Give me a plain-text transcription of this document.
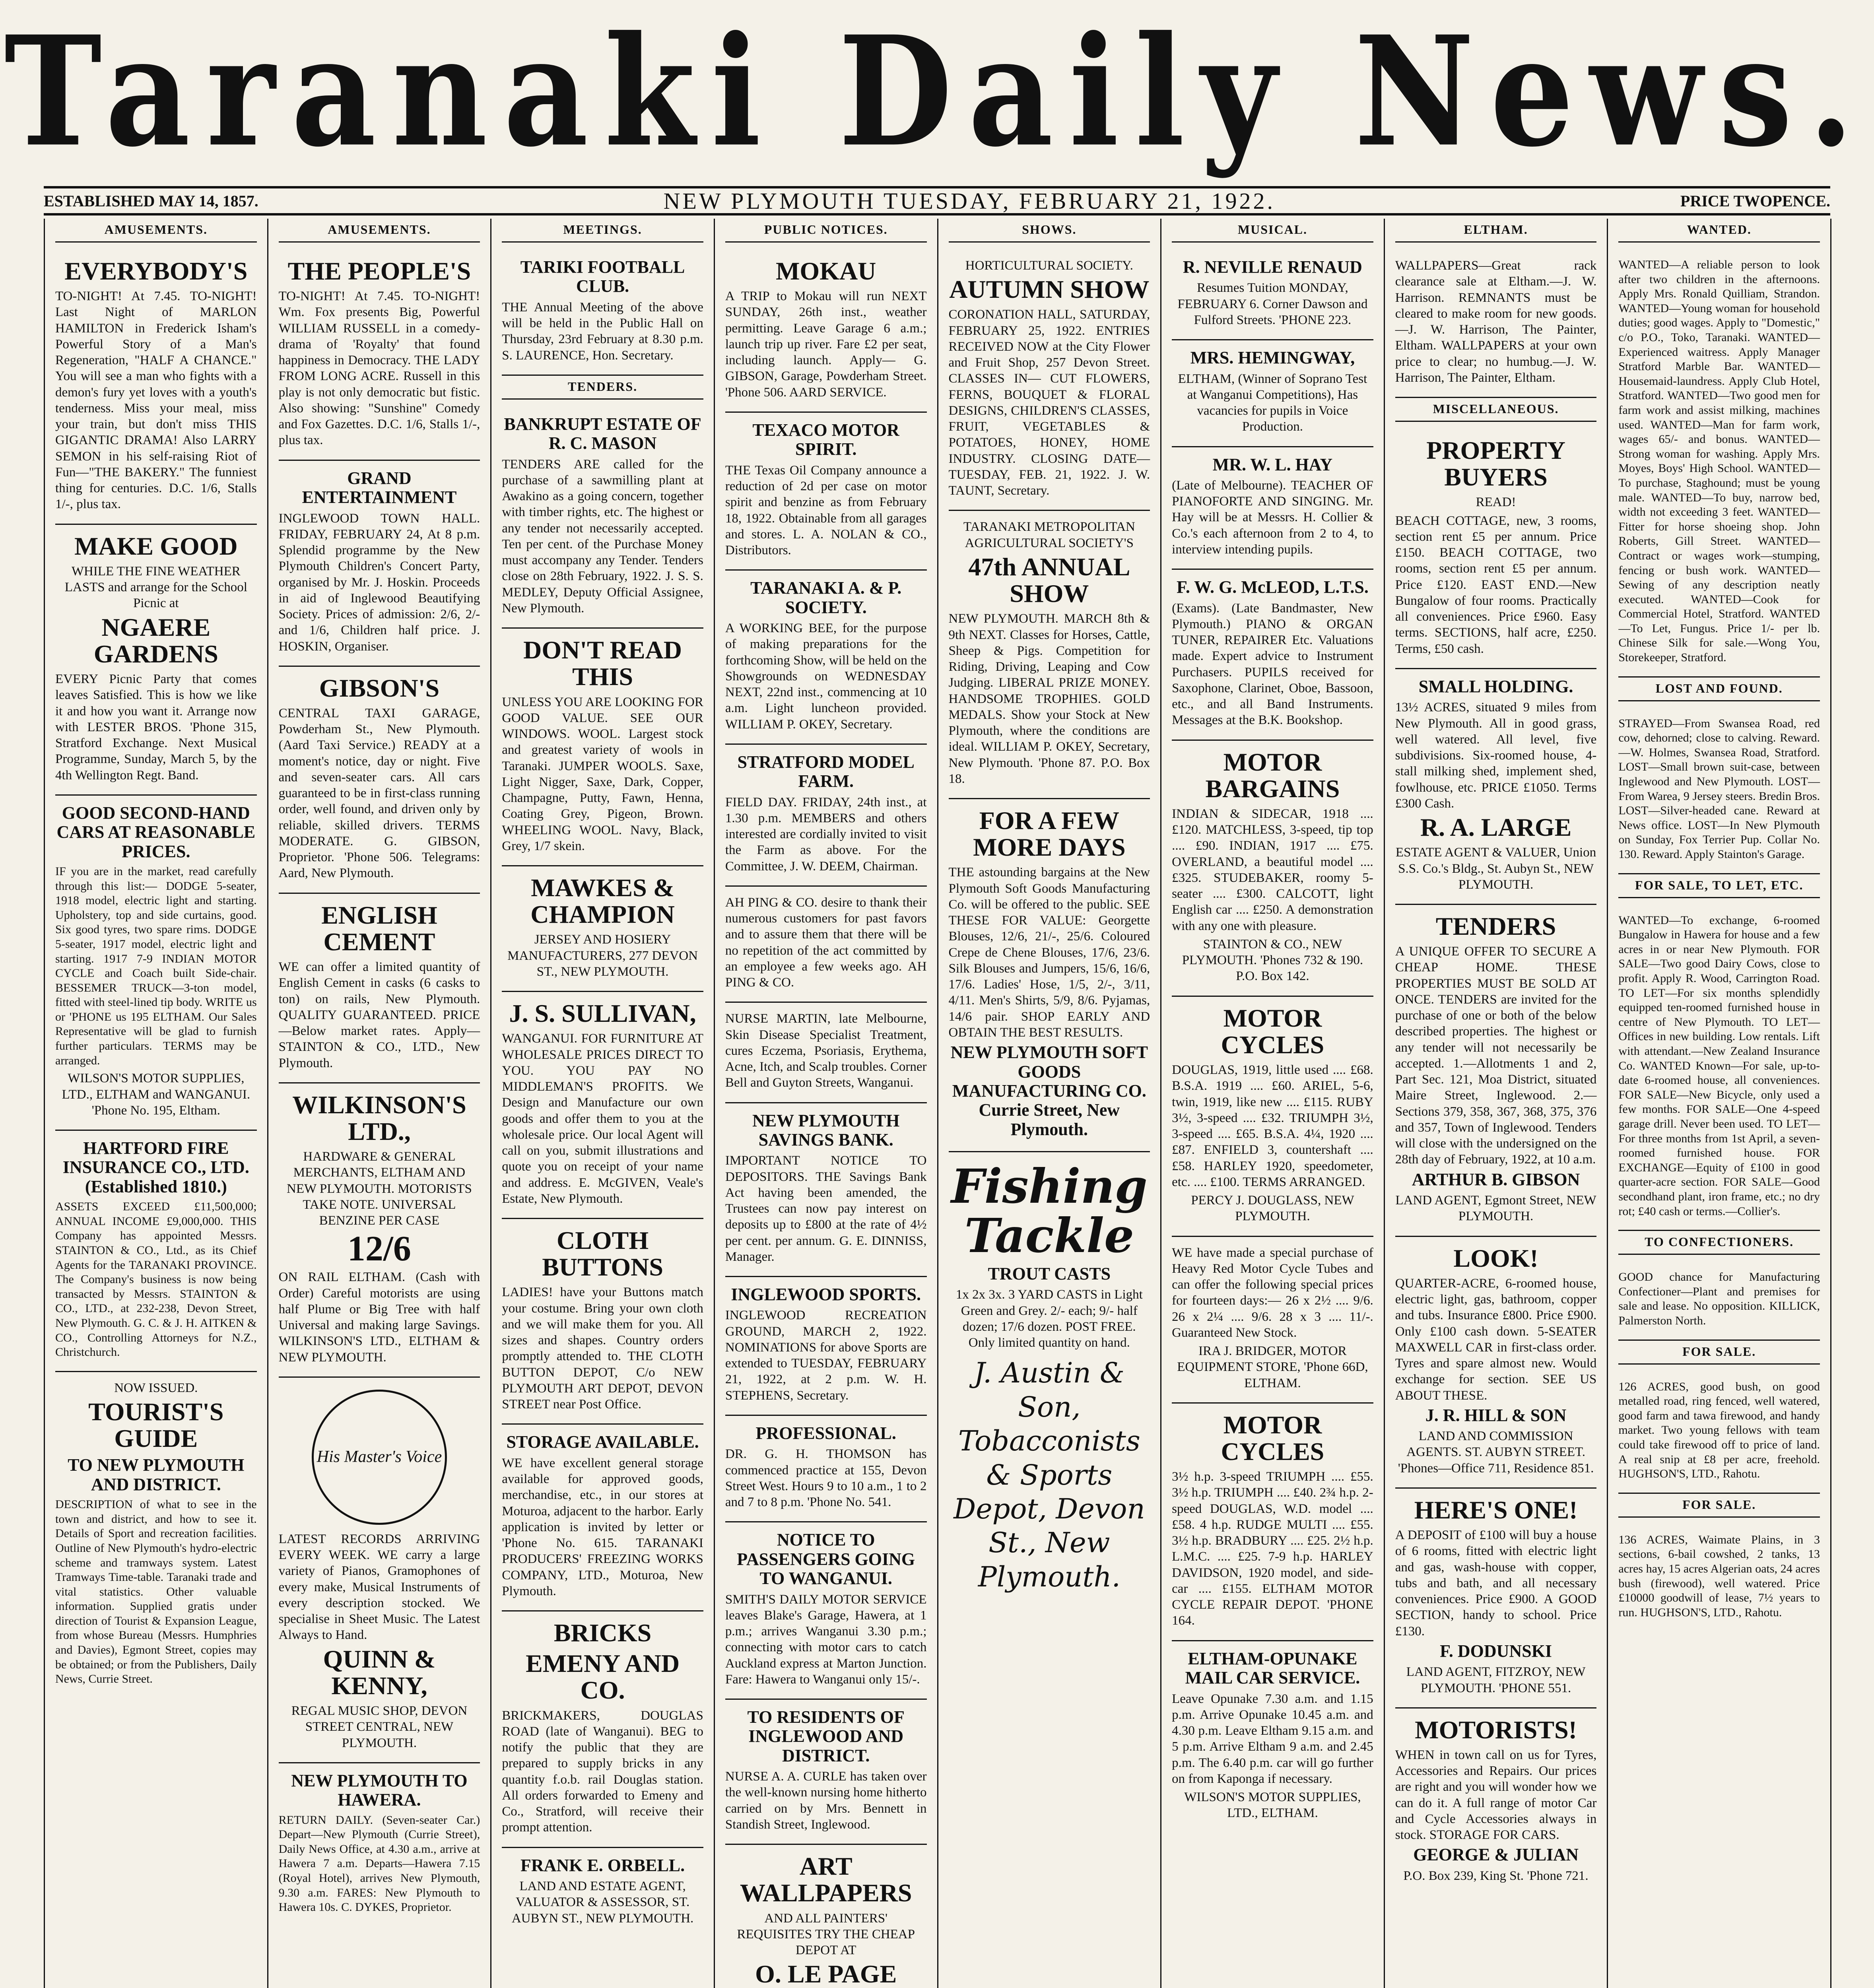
Taranaki Daily News.
ESTABLISHED MAY 14, 1857.	NEW PLYMOUTH TUESDAY, FEBRUARY 21, 1922.	PRICE TWOPENCE.
AMUSEMENTS.
EVERYBODY'S

TO-NIGHT! At 7.45. TO-NIGHT! Last Night of MARLON HAMILTON in Frederick Isham's Powerful Story of a Man's Regeneration, "HALF A CHANCE." You will see a man who fights with a demon's fury yet loves with a youth's tenderness. Miss your meal, miss your train, but don't miss THIS GIGANTIC DRAMA! Also LARRY SEMON in his self-raising Riot of Fun—"THE BAKERY." The funniest thing for centuries. D.C. 1/6, Stalls 1/-, plus tax.

MAKE GOOD

WHILE THE FINE WEATHER LASTS and arrange for the School Picnic at

NGAERE GARDENS

EVERY Picnic Party that comes leaves Satisfied. This is how we like it and how you want it. Arrange now with LESTER BROS. 'Phone 315, Stratford Exchange. Next Musical Programme, Sunday, March 5, by the 4th Wellington Regt. Band.

GOOD SECOND-HAND CARS AT REASONABLE PRICES.

IF you are in the market, read carefully through this list:— DODGE 5-seater, 1918 model, electric light and starting. Upholstery, top and side curtains, good. Six good tyres, two spare rims. DODGE 5-seater, 1917 model, electric light and starting. 1917 7-9 INDIAN MOTOR CYCLE and Coach built Side-chair. BESSEMER TRUCK—3-ton model, fitted with steel-lined tip body. WRITE us or 'PHONE us 195 ELTHAM. Our Sales Representative will be glad to furnish further particulars. TERMS may be arranged.

WILSON'S MOTOR SUPPLIES, LTD., ELTHAM and WANGANUI. 'Phone No. 195, Eltham.

HARTFORD FIRE INSURANCE CO., LTD. (Established 1810.)

ASSETS EXCEED £11,500,000; ANNUAL INCOME £9,000,000. THIS Company has appointed Messrs. STAINTON & CO., Ltd., as its Chief Agents for the TARANAKI PROVINCE. The Company's business is now being transacted by Messrs. STAINTON & CO., LTD., at 232-238, Devon Street, New Plymouth. G. C. & J. H. AITKEN & CO., Controlling Attorneys for N.Z., Christchurch.

NOW ISSUED.

TOURIST'S GUIDE
TO NEW PLYMOUTH AND DISTRICT.

DESCRIPTION of what to see in the town and district, and how to see it. Details of Sport and recreation facilities. Outline of New Plymouth's hydro-electric scheme and tramways system. Latest Tramways Time-table. Taranaki trade and vital statistics. Other valuable information. Supplied gratis under direction of Tourist & Expansion League, from whose Bureau (Messrs. Humphries and Davies), Egmont Street, copies may be obtained; or from the Publishers, Daily News, Currie Street.

AMUSEMENTS.
THE PEOPLE'S

TO-NIGHT! At 7.45. TO-NIGHT! Wm. Fox presents Big, Powerful WILLIAM RUSSELL in a comedy-drama of 'Royalty' that found happiness in Democracy. THE LADY FROM LONG ACRE. Russell in this play is not only democratic but fistic. Also showing: "Sunshine" Comedy and Fox Gazettes. D.C. 1/6, Stalls 1/-, plus tax.

GRAND ENTERTAINMENT

INGLEWOOD TOWN HALL. FRIDAY, FEBRUARY 24, At 8 p.m. Splendid programme by the New Plymouth Children's Concert Party, organised by Mr. J. Hoskin. Proceeds in aid of Inglewood Beautifying Society. Prices of admission: 2/6, 2/- and 1/6, Children half price. J. HOSKIN, Organiser.

GIBSON'S

CENTRAL TAXI GARAGE, Powderham St., New Plymouth. (Aard Taxi Service.) READY at a moment's notice, day or night. Five and seven-seater cars. All cars guaranteed to be in first-class running order, well found, and driven only by reliable, skilled drivers. TERMS MODERATE. G. GIBSON, Proprietor. 'Phone 506. Telegrams: Aard, New Plymouth.

ENGLISH CEMENT

WE can offer a limited quantity of English Cement in casks (6 casks to ton) on rails, New Plymouth. QUALITY GUARANTEED. PRICE—Below market rates. Apply—STAINTON & CO., LTD., New Plymouth.

WILKINSON'S LTD.,

HARDWARE & GENERAL MERCHANTS, ELTHAM AND NEW PLYMOUTH. MOTORISTS TAKE NOTE. UNIVERSAL BENZINE PER CASE

12/6

ON RAIL ELTHAM. (Cash with Order) Careful motorists are using half Plume or Big Tree with half Universal and making large Savings. WILKINSON'S LTD., ELTHAM & NEW PLYMOUTH.

His Master's Voice

LATEST RECORDS ARRIVING EVERY WEEK. WE carry a large variety of Pianos, Gramophones of every make, Musical Instruments of every description stocked. We specialise in Sheet Music. The Latest Always to Hand.

QUINN & KENNY,

REGAL MUSIC SHOP, DEVON STREET CENTRAL, NEW PLYMOUTH.

NEW PLYMOUTH TO HAWERA.

RETURN DAILY. (Seven-seater Car.) Depart—New Plymouth (Currie Street), Daily News Office, at 4.30 a.m., arrive at Hawera 7 a.m. Departs—Hawera 7.15 (Royal Hotel), arrives New Plymouth, 9.30 a.m. FARES: New Plymouth to Hawera 10s. C. DYKES, Proprietor.

MEETINGS.
TARIKI FOOTBALL CLUB.

THE Annual Meeting of the above will be held in the Public Hall on Thursday, 23rd February at 8.30 p.m. S. LAURENCE, Hon. Secretary.

TENDERS.
BANKRUPT ESTATE OF R. C. MASON

TENDERS ARE called for the purchase of a sawmilling plant at Awakino as a going concern, together with timber rights, etc. The highest or any tender not necessarily accepted. Ten per cent. of the Purchase Money must accompany any Tender. Tenders close on 28th February, 1922. J. S. S. MEDLEY, Deputy Official Assignee, New Plymouth.

DON'T READ THIS

UNLESS YOU ARE LOOKING FOR GOOD VALUE. SEE OUR WINDOWS. WOOL. Largest stock and greatest variety of wools in Taranaki. JUMPER WOOLS. Saxe, Light Nigger, Saxe, Dark, Copper, Champagne, Putty, Fawn, Henna, Coating Grey, Pigeon, Brown. WHEELING WOOL. Navy, Black, Grey, 1/7 skein.

MAWKES & CHAMPION

JERSEY AND HOSIERY MANUFACTURERS, 277 DEVON ST., NEW PLYMOUTH.

J. S. SULLIVAN,

WANGANUI. FOR FURNITURE AT WHOLESALE PRICES DIRECT TO YOU. YOU PAY NO MIDDLEMAN'S PROFITS. We Design and Manufacture our own goods and offer them to you at the wholesale price. Our local Agent will call on you, submit illustrations and quote you on receipt of your name and address. E. McGIVEN, Veale's Estate, New Plymouth.

CLOTH BUTTONS

LADIES! have your Buttons match your costume. Bring your own cloth and we will make them for you. All sizes and shapes. Country orders promptly attended to. THE CLOTH BUTTON DEPOT, C/o NEW PLYMOUTH ART DEPOT, DEVON STREET near Post Office.

STORAGE AVAILABLE.

WE have excellent general storage available for approved goods, merchandise, etc., in our stores at Moturoa, adjacent to the harbor. Early application is invited by letter or 'Phone No. 615. TARANAKI PRODUCERS' FREEZING WORKS COMPANY, LTD., Moturoa, New Plymouth.

BRICKS
EMENY AND CO.

BRICKMAKERS, DOUGLAS ROAD (late of Wanganui). BEG to notify the public that they are prepared to supply bricks in any quantity f.o.b. rail Douglas station. All orders forwarded to Emeny and Co., Stratford, will receive their prompt attention.

FRANK E. ORBELL.

LAND AND ESTATE AGENT, VALUATOR & ASSESSOR, ST. AUBYN ST., NEW PLYMOUTH.

PUBLIC NOTICES.
MOKAU

A TRIP to Mokau will run NEXT SUNDAY, 26th inst., weather permitting. Leave Garage 6 a.m.; launch trip up river. Fare £2 per seat, including launch. Apply— G. GIBSON, Garage, Powderham Street. 'Phone 506. AARD SERVICE.

TEXACO MOTOR SPIRIT.

THE Texas Oil Company announce a reduction of 2d per case on motor spirit and benzine as from February 18, 1922. Obtainable from all garages and stores. L. A. NOLAN & CO., Distributors.

TARANAKI A. & P. SOCIETY.

A WORKING BEE, for the purpose of making preparations for the forthcoming Show, will be held on the Showgrounds on WEDNESDAY NEXT, 22nd inst., commencing at 10 a.m. Light luncheon provided. WILLIAM P. OKEY, Secretary.

STRATFORD MODEL FARM.

FIELD DAY. FRIDAY, 24th inst., at 1.30 p.m. MEMBERS and others interested are cordially invited to visit the Farm as above. For the Committee, J. W. DEEM, Chairman.

AH PING & CO. desire to thank their numerous customers for past favors and to assure them that there will be no repetition of the act committed by an employee a few weeks ago. AH PING & CO.

NURSE MARTIN, late Melbourne, Skin Disease Specialist Treatment, cures Eczema, Psoriasis, Erythema, Acne, Itch, and Scalp troubles. Corner Bell and Guyton Streets, Wanganui.

NEW PLYMOUTH SAVINGS BANK.

IMPORTANT NOTICE TO DEPOSITORS. THE Savings Bank Act having been amended, the Trustees can now pay interest on deposits up to £800 at the rate of 4½ per cent. per annum. G. E. DINNISS, Manager.

INGLEWOOD SPORTS.

INGLEWOOD RECREATION GROUND, MARCH 2, 1922. NOMINATIONS for above Sports are extended to TUESDAY, FEBRUARY 21, 1922, at 2 p.m. W. H. STEPHENS, Secretary.

PROFESSIONAL.

DR. G. H. THOMSON has commenced practice at 155, Devon Street West. Hours 9 to 10 a.m., 1 to 2 and 7 to 8 p.m. 'Phone No. 541.

NOTICE TO PASSENGERS GOING TO WANGANUI.

SMITH'S DAILY MOTOR SERVICE leaves Blake's Garage, Hawera, at 1 p.m.; arrives Wanganui 3.30 p.m.; connecting with motor cars to catch Auckland express at Marton Junction. Fare: Hawera to Wanganui only 15/-.

TO RESIDENTS OF INGLEWOOD AND DISTRICT.

NURSE A. A. CURLE has taken over the well-known nursing home hitherto carried on by Mrs. Bennett in Standish Street, Inglewood.

ART WALLPAPERS

AND ALL PAINTERS' REQUISITES TRY THE CHEAP DEPOT AT

O. LE PAGE

SHOWS.

HORTICULTURAL SOCIETY.

AUTUMN SHOW

CORONATION HALL, SATURDAY, FEBRUARY 25, 1922. ENTRIES RECEIVED NOW at the City Flower and Fruit Shop, 257 Devon Street. CLASSES IN— CUT FLOWERS, FERNS, BOUQUET & FLORAL DESIGNS, CHILDREN'S CLASSES, FRUIT, VEGETABLES & POTATOES, HONEY, HOME INDUSTRY. CLOSING DATE—TUESDAY, FEB. 21, 1922. J. W. TAUNT, Secretary.

TARANAKI METROPOLITAN AGRICULTURAL SOCIETY'S

47th ANNUAL SHOW

NEW PLYMOUTH. MARCH 8th & 9th NEXT. Classes for Horses, Cattle, Sheep & Pigs. Competition for Riding, Driving, Leaping and Cow Judging. LIBERAL PRIZE MONEY. HANDSOME TROPHIES. GOLD MEDALS. Show your Stock at New Plymouth, where the conditions are ideal. WILLIAM P. OKEY, Secretary, New Plymouth. 'Phone 87. P.O. Box 18.

FOR A FEW MORE DAYS

THE astounding bargains at the New Plymouth Soft Goods Manufacturing Co. will be offered to the public. SEE THESE FOR VALUE: Georgette Blouses, 12/6, 21/-, 25/6. Coloured Crepe de Chene Blouses, 17/6, 23/6. Silk Blouses and Jumpers, 15/6, 16/6, 17/6. Ladies' Hose, 1/5, 2/-, 3/11, 4/11. Men's Shirts, 5/9, 8/6. Pyjamas, 14/6 pair. SHOP EARLY AND OBTAIN THE BEST RESULTS.

NEW PLYMOUTH SOFT GOODS MANUFACTURING CO. Currie Street, New Plymouth.
Fishing Tackle
TROUT CASTS

1x 2x 3x. 3 YARD CASTS in Light Green and Grey. 2/- each; 9/- half dozen; 17/6 dozen. POST FREE. Only limited quantity on hand.

J. Austin & Son, Tobacconists & Sports Depot, Devon St., New Plymouth.
MUSICAL.
R. NEVILLE RENAUD

Resumes Tuition MONDAY, FEBRUARY 6. Corner Dawson and Fulford Streets. 'PHONE 223.

MRS. HEMINGWAY,

ELTHAM, (Winner of Soprano Test at Wanganui Competitions), Has vacancies for pupils in Voice Production.

MR. W. L. HAY

(Late of Melbourne). TEACHER OF PIANOFORTE AND SINGING. Mr. Hay will be at Messrs. H. Collier & Co.'s each afternoon from 2 to 4, to interview intending pupils.

F. W. G. McLEOD, L.T.S.

(Exams). (Late Bandmaster, New Plymouth.) PIANO & ORGAN TUNER, REPAIRER Etc. Valuations made. Expert advice to Instrument Purchasers. PUPILS received for Saxophone, Clarinet, Oboe, Bassoon, etc., and all Band Instruments. Messages at the B.K. Bookshop.

MOTOR BARGAINS

INDIAN & SIDECAR, 1918 .... £120. MATCHLESS, 3-speed, tip top .... £90. INDIAN, 1917 .... £75. OVERLAND, a beautiful model .... £325. STUDEBAKER, roomy 5-seater .... £300. CALCOTT, light English car .... £250. A demonstration with any one with pleasure.

STAINTON & CO., NEW PLYMOUTH. 'Phones 732 & 190. P.O. Box 142.

MOTOR CYCLES

DOUGLAS, 1919, little used .... £68. B.S.A. 1919 .... £60. ARIEL, 5-6, twin, 1919, like new .... £115. RUBY 3½, 3-speed .... £32. TRIUMPH 3½, 3-speed .... £65. B.S.A. 4¼, 1920 .... £87. ENFIELD 3, countershaft .... £58. HARLEY 1920, speedometer, etc. .... £100. TERMS ARRANGED.

PERCY J. DOUGLASS, NEW PLYMOUTH.

WE have made a special purchase of Heavy Red Motor Cycle Tubes and can offer the following special prices for fourteen days:— 26 x 2½ .... 9/6. 26 x 2¼ .... 9/6. 28 x 3 .... 11/-. Guaranteed New Stock.

IRA J. BRIDGER, MOTOR EQUIPMENT STORE, 'Phone 66D, ELTHAM.

MOTOR CYCLES

3½ h.p. 3-speed TRIUMPH .... £55. 3½ h.p. TRIUMPH .... £40. 2¾ h.p. 2-speed DOUGLAS, W.D. model .... £58. 4 h.p. RUDGE MULTI .... £55. 3½ h.p. BRADBURY .... £25. 2½ h.p. L.M.C. .... £25. 7-9 h.p. HARLEY DAVIDSON, 1920 model, and side-car .... £155. ELTHAM MOTOR CYCLE REPAIR DEPOT. 'PHONE 164.

ELTHAM-OPUNAKE MAIL CAR SERVICE.

Leave Opunake 7.30 a.m. and 1.15 p.m. Arrive Opunake 10.45 a.m. and 4.30 p.m. Leave Eltham 9.15 a.m. and 5 p.m. Arrive Eltham 9 a.m. and 2.45 p.m. The 6.40 p.m. car will go further on from Kaponga if necessary.

WILSON'S MOTOR SUPPLIES, LTD., ELTHAM.

ELTHAM.

WALLPAPERS—Great rack clearance sale at Eltham.—J. W. Harrison. REMNANTS must be cleared to make room for new goods.—J. W. Harrison, The Painter, Eltham. WALLPAPERS at your own price to clear; no humbug.—J. W. Harrison, The Painter, Eltham.

MISCELLANEOUS.
PROPERTY BUYERS

READ!

BEACH COTTAGE, new, 3 rooms, section rent £5 per annum. Price £150. BEACH COTTAGE, two rooms, section rent £5 per annum. Price £120. EAST END.—New Bungalow of four rooms. Practically all conveniences. Price £960. Easy terms. SECTIONS, half acre, £250. Terms, £50 cash.

SMALL HOLDING.

13½ ACRES, situated 9 miles from New Plymouth. All in good grass, well watered. All level, five subdivisions. Six-roomed house, 4-stall milking shed, implement shed, fowlhouse, etc. PRICE £1050. Terms £300 Cash.

R. A. LARGE

ESTATE AGENT & VALUER, Union S.S. Co.'s Bldg., St. Aubyn St., NEW PLYMOUTH.

TENDERS

A UNIQUE OFFER TO SECURE A CHEAP HOME. THESE PROPERTIES MUST BE SOLD AT ONCE. TENDERS are invited for the purchase of one or both of the below described properties. The highest or any tender will not necessarily be accepted. 1.—Allotments 1 and 2, Part Sec. 121, Moa District, situated Maire Street, Inglewood. 2.—Sections 379, 358, 367, 368, 375, 376 and 357, Town of Inglewood. Tenders will close with the undersigned on the 28th day of February, 1922, at 10 a.m.

ARTHUR B. GIBSON

LAND AGENT, Egmont Street, NEW PLYMOUTH.

LOOK!

QUARTER-ACRE, 6-roomed house, electric light, gas, bathroom, copper and tubs. Insurance £800. Price £900. Only £100 cash down. 5-SEATER MAXWELL CAR in first-class order. Tyres and spare almost new. Would exchange for section. SEE US ABOUT THESE.

J. R. HILL & SON

LAND AND COMMISSION AGENTS. ST. AUBYN STREET. 'Phones—Office 711, Residence 851.

HERE'S ONE!

A DEPOSIT of £100 will buy a house of 6 rooms, fitted with electric light and gas, wash-house with copper, tubs and bath, and all necessary conveniences. Price £900. A GOOD SECTION, handy to school. Price £130.

F. DODUNSKI

LAND AGENT, FITZROY, NEW PLYMOUTH. 'PHONE 551.

MOTORISTS!

WHEN in town call on us for Tyres, Accessories and Repairs. Our prices are right and you will wonder how we can do it. A full range of motor Car and Cycle Accessories always in stock. STORAGE FOR CARS.

GEORGE & JULIAN

P.O. Box 239, King St. 'Phone 721.

WANTED.

WANTED—A reliable person to look after two children in the afternoons. Apply Mrs. Ronald Quilliam, Strandon. WANTED—Young woman for household duties; good wages. Apply to "Domestic," c/o P.O., Toko, Taranaki. WANTED—Experienced waitress. Apply Manager Stratford Marble Bar. WANTED—Housemaid-laundress. Apply Club Hotel, Stratford. WANTED—Two good men for farm work and assist milking, machines used. WANTED—Man for farm work, wages 65/- and bonus. WANTED—Strong woman for washing. Apply Mrs. Moyes, Boys' High School. WANTED—To purchase, Staghound; must be young male. WANTED—To buy, narrow bed, width not exceeding 3 feet. WANTED—Fitter for horse shoeing shop. John Roberts, Gill Street. WANTED—Contract or wages work—stumping, fencing or bush work. WANTED—Sewing of any description neatly executed. WANTED—Cook for Commercial Hotel, Stratford. WANTED—To Let, Fungus. Price 1/- per lb. Chinese Silk for sale.—Wong You, Storekeeper, Stratford.

LOST AND FOUND.

STRAYED—From Swansea Road, red cow, dehorned; close to calving. Reward.—W. Holmes, Swansea Road, Stratford. LOST—Small brown suit-case, between Inglewood and New Plymouth. LOST—From Warea, 9 Jersey steers. Bredin Bros. LOST—Silver-headed cane. Reward at News office. LOST—In New Plymouth on Sunday, Fox Terrier Pup. Collar No. 130. Reward. Apply Stainton's Garage.

FOR SALE, TO LET, ETC.

WANTED—To exchange, 6-roomed Bungalow in Hawera for house and a few acres in or near New Plymouth. FOR SALE—Two good Dairy Cows, close to profit. Apply R. Wood, Carrington Road. TO LET—For six months splendidly equipped ten-roomed furnished house in centre of New Plymouth. TO LET—Offices in new building. Low rentals. Lift with attendant.—New Zealand Insurance Co. WANTED Known—For sale, up-to-date 6-roomed house, all conveniences. FOR SALE—New Bicycle, only used a few months. FOR SALE—One 4-speed garage drill. Never been used. TO LET—For three months from 1st April, a seven-roomed furnished house. FOR EXCHANGE—Equity of £100 in good quarter-acre section. FOR SALE—Good secondhand plant, iron frame, etc.; no dry rot; £40 cash or terms.—Collier's.

TO CONFECTIONERS.

GOOD chance for Manufacturing Confectioner—Plant and premises for sale and lease. No opposition. KILLICK, Palmerston North.

FOR SALE.

126 ACRES, good bush, on good metalled road, ring fenced, well watered, good farm and tawa firewood, and handy market. Two young fellows with team could take firewood off to price of land. A real snip at £8 per acre, freehold. HUGHSON'S, LTD., Rahotu.

FOR SALE.

136 ACRES, Waimate Plains, in 3 sections, 6-bail cowshed, 2 tanks, 13 acres hay, 15 acres Algerian oats, 24 acres bush (firewood), well watered. Price £10000 goodwill of lease, 7½ years to run. HUGHSON'S, LTD., Rahotu.
